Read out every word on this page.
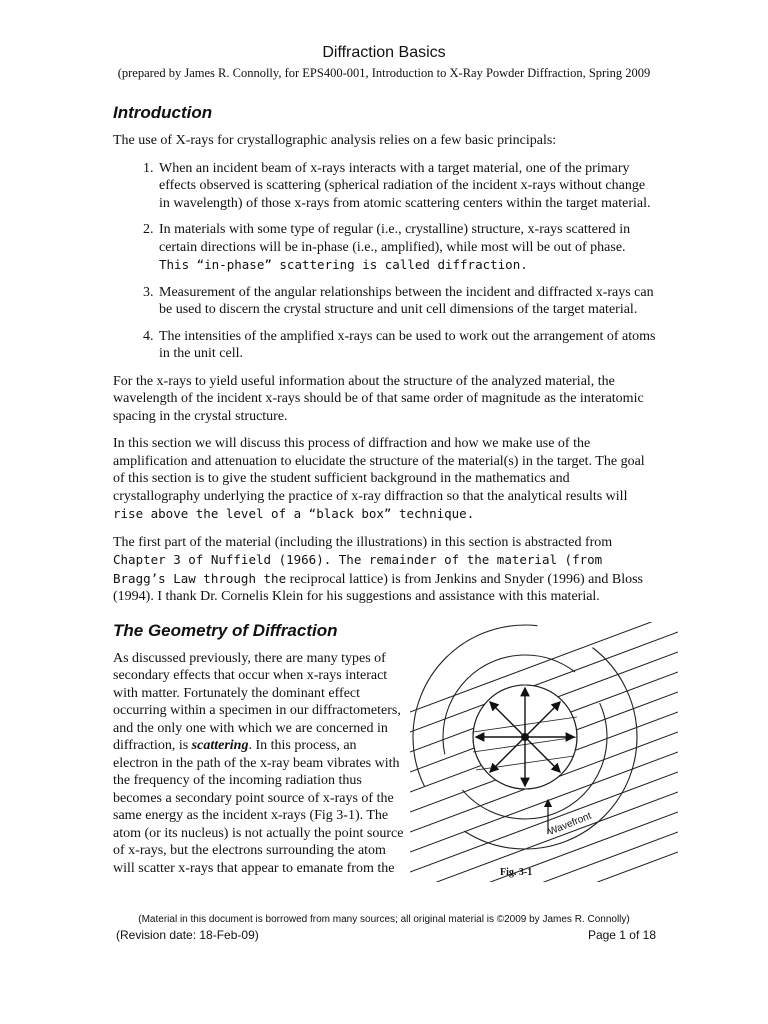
Diffraction Basics
(prepared by James R. Connolly, for EPS400-001, Introduction to X-Ray Powder Diffraction, Spring 2009
Introduction

The use of X-rays for crystallographic analysis relies on a few basic principals:

1. When an incident beam of x-rays interacts with a target material, one of the primary effects observed is scattering (spherical radiation of the incident x-rays without change in wavelength) of those x-rays from atomic scattering centers within the target material.
2. In materials with some type of regular (i.e., crystalline) structure, x-rays scattered in certain directions will be in-phase (i.e., amplified), while most will be out of phase. This “in-phase” scattering is called diffraction.
3. Measurement of the angular relationships between the incident and diffracted x-rays can be used to discern the crystal structure and unit cell dimensions of the target material.
4. The intensities of the amplified x-rays can be used to work out the arrangement of atoms in the unit cell.

For the x-rays to yield useful information about the structure of the analyzed material, the wavelength of the incident x-rays should be of that same order of magnitude as the interatomic spacing in the crystal structure.

In this section we will discuss this process of diffraction and how we make use of the amplification and attenuation to elucidate the structure of the material(s) in the target. The goal of this section is to give the student sufficient background in the mathematics and crystallography underlying the practice of x-ray diffraction so that the analytical results will rise above the level of a “black box” technique.

The first part of the material (including the illustrations) in this section is abstracted from Chapter 3 of Nuffield (1966). The remainder of the material (from Bragg’s Law through the reciprocal lattice) is from Jenkins and Snyder (1996) and Bloss (1994). I thank Dr. Cornelis Klein for his suggestions and assistance with this material.

The Geometry of Diffraction

As discussed previously, there are many types of secondary effects that occur when x-rays interact with matter. Fortunately the dominant effect occurring within a specimen in our diffractometers, and the only one with which we are concerned in diffraction, is scattering. In this process, an electron in the path of the x-ray beam vibrates with the frequency of the incoming radiation thus becomes a secondary point source of x-rays of the same energy as the incident x-rays (Fig 3-1). The atom (or its nucleus) is not actually the point source of x-rays, but the electrons surrounding the atom will scatter x-rays that appear to emanate from the

Wavefront
Fig. 3-1
(Material in this document is borrowed from many sources; all original material is ©2009 by James R. Connolly)
(Revision date: 18-Feb-09)	Page 1 of 18
